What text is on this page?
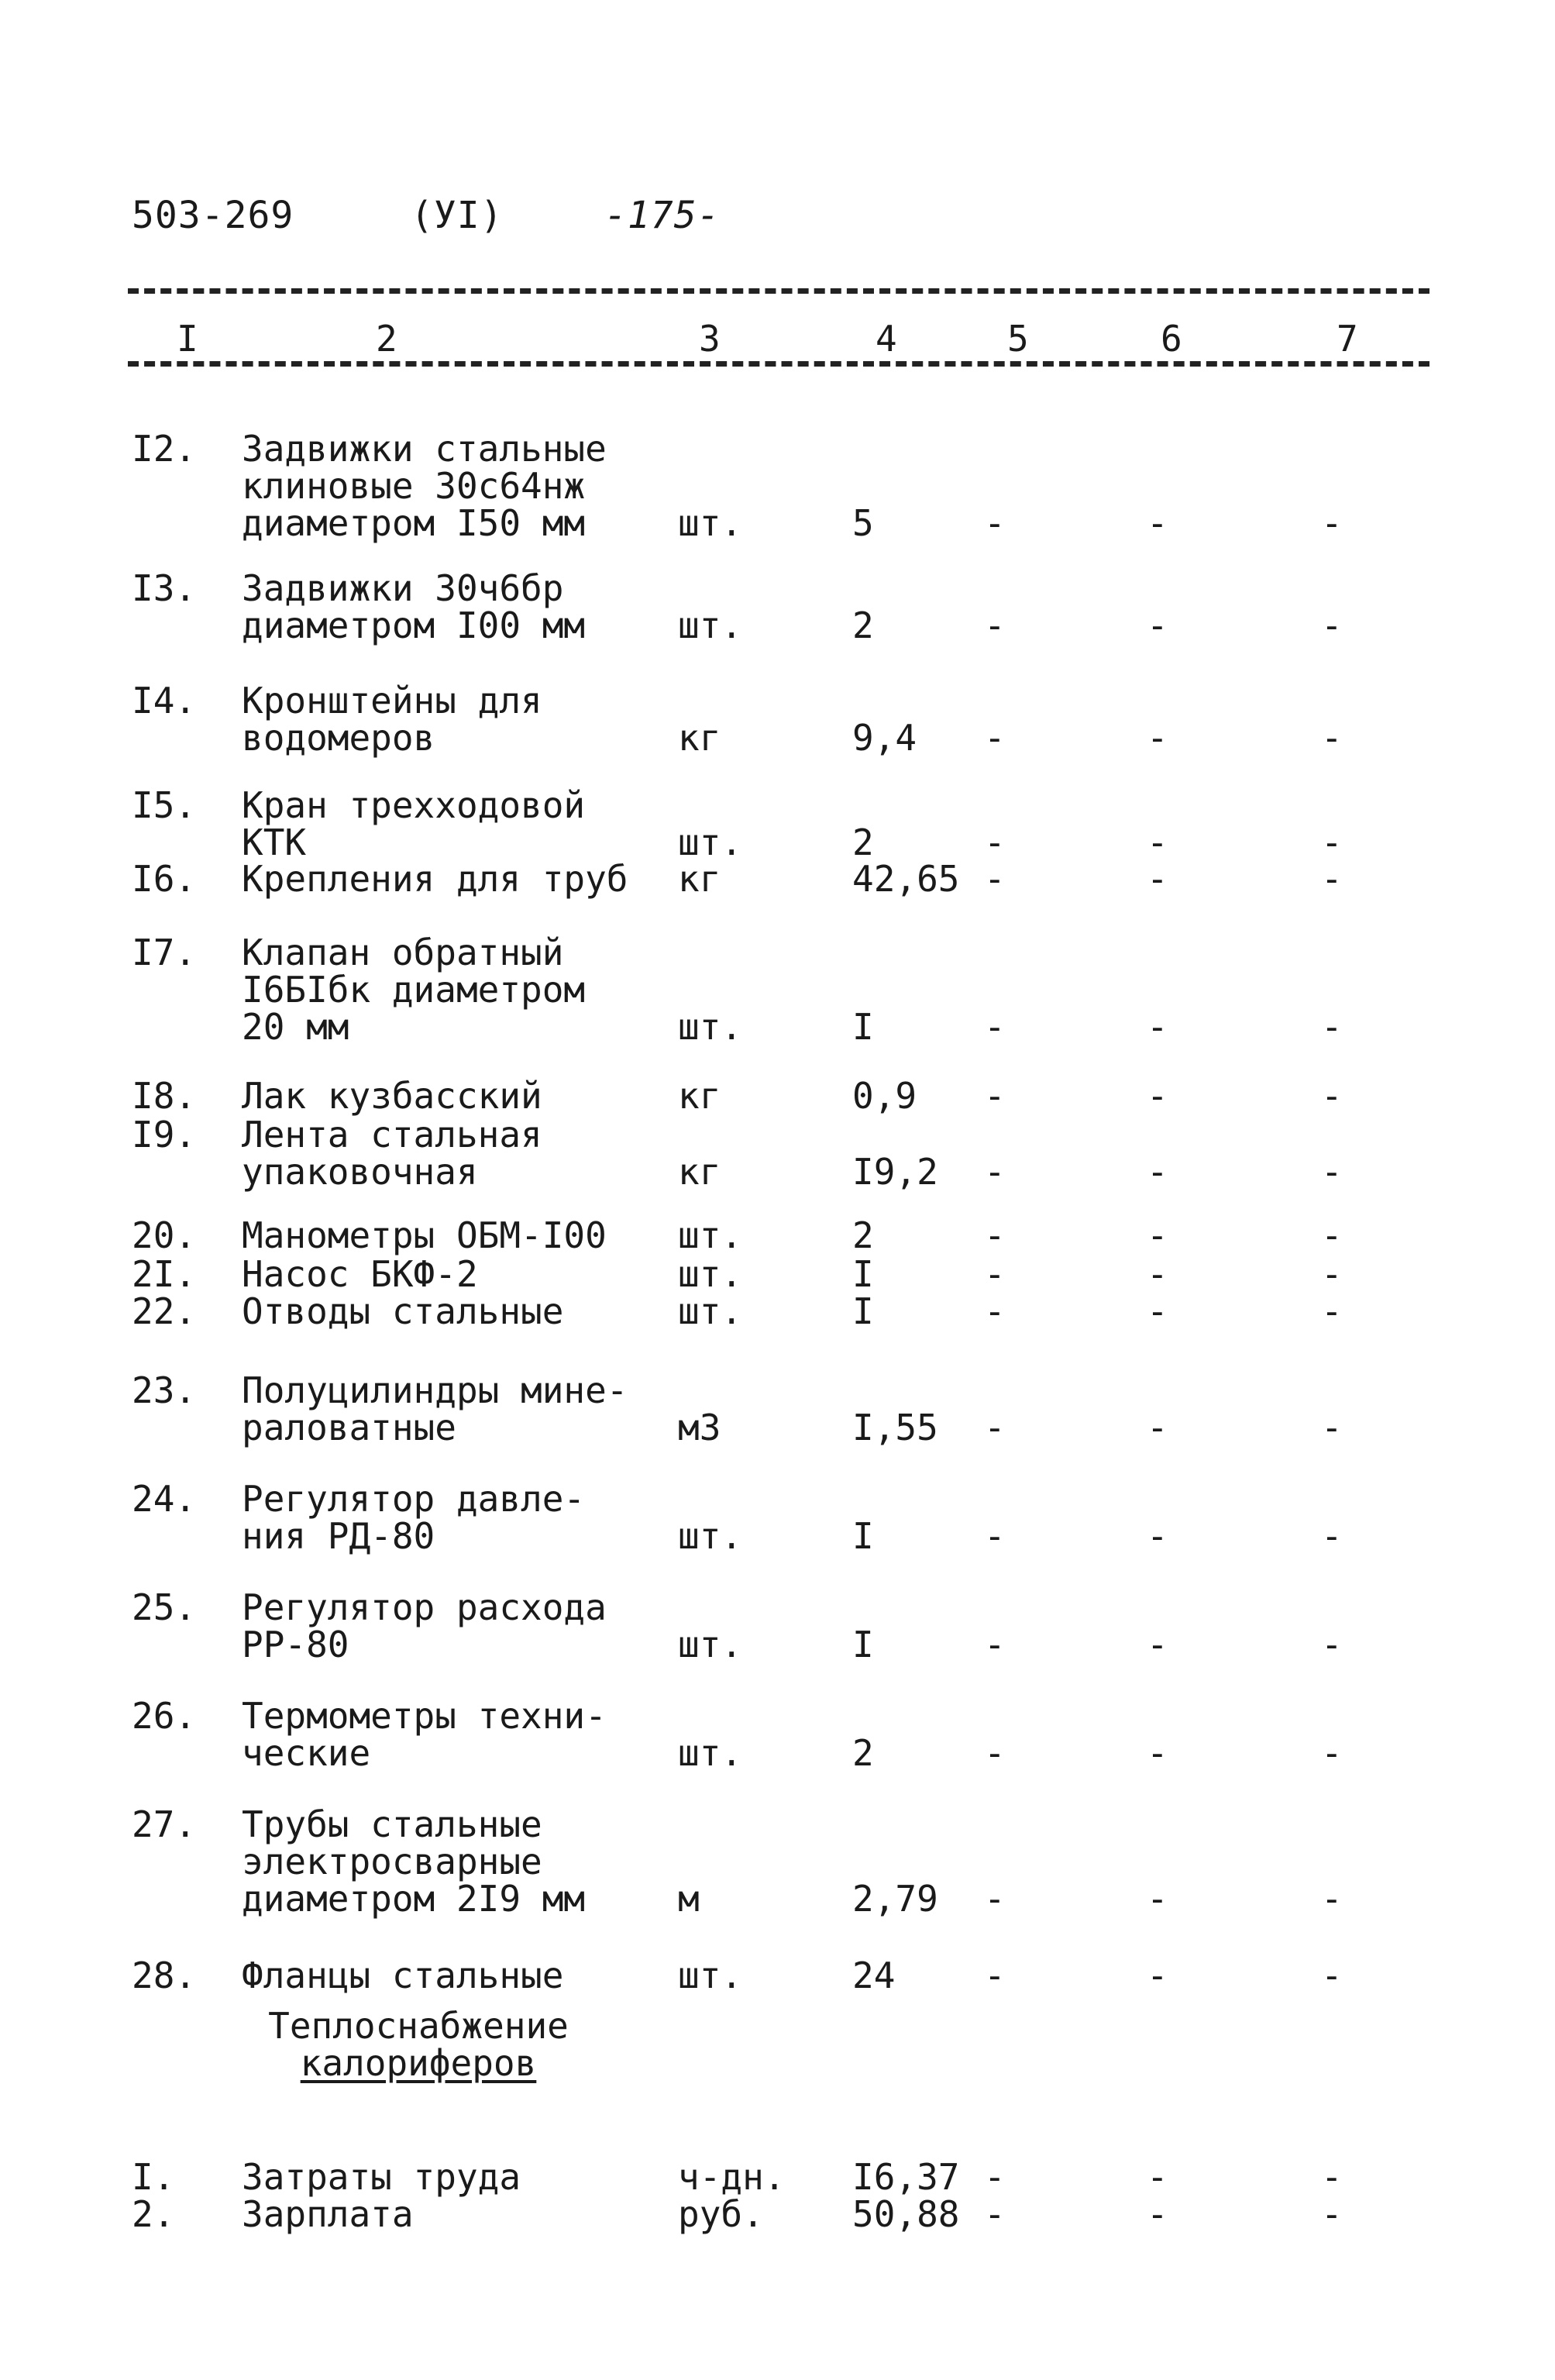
503-269	(УI)	-175-
I	2	3	4	5	6	7
I2. Задвижки стальные
клиновые 30с64нж
диаметром I50 мм	шт.	5	-	-	-
I3. Задвижки 30ч6бр
диаметром I00 мм	шт.	2	-	-	-
I4. Кронштейны для
водомеров	кг	9,4 -	-	-
I5. Кран трехходовой
КТК	шт.	2	-	-	-
I6. Крепления для труб	кг	42,65 -	-	-
I7. Клапан обратный
I6БIбк диаметром
20 мм	шт.	I	-	-	-
I8. Лак кузбасский	кг	0,9 -	-	-
I9. Лента стальная
упаковочная	кг	I9,2 -	-	-
20. Манометры ОБМ-I00	шт.	2	-	-	-
2I. Насос БКФ-2	шт.	I	-	-	-
22. Отводы стальные	шт.	I	-	-	-
23. Полуцилиндры мине-
раловатные	м3	I,55 -	-	-
24. Регулятор давле-
ния РД-80	шт.	I	-	-	-
25. Регулятор расхода
РР-80	шт.	I	-	-	-
26. Термометры техни-
ческие	шт.	2	-	-	-
27. Трубы стальные
электросварные
диаметром 2I9 мм	м	2,79 -	-	-
28. Фланцы стальные	шт.	24 -	-	-
Теплоснабжение
калориферов
I. Затраты труда	ч-дн. I6,37 -	-	-
2. Зарплата	руб. 50,88 -	-	-
